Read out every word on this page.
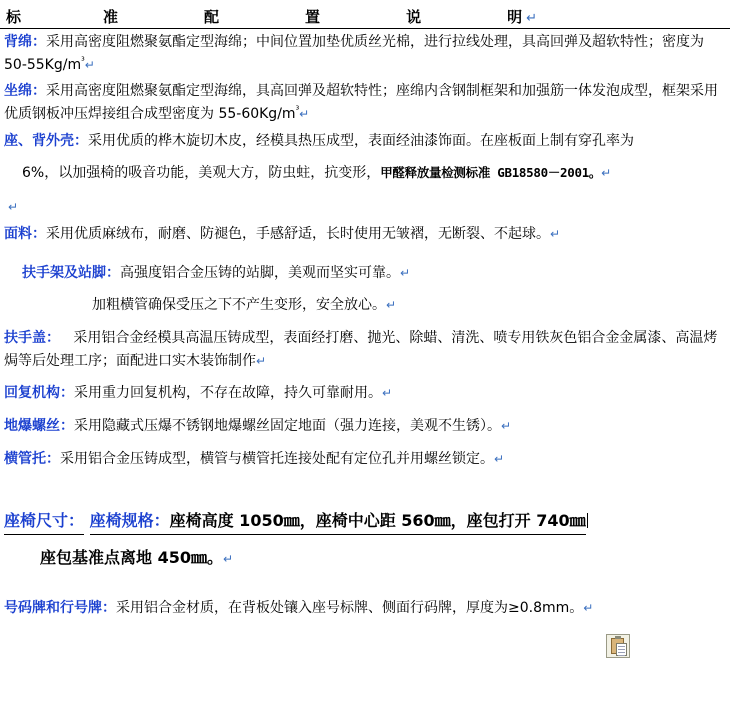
标	准	配	置	说	明 ↵

背绵：采用高密度阻燃聚氨酯定型海绵；中间位置加垫优质丝光棉，进行拉线处理，具高回弹及超软特性；密度为 $50-55Kg/m^{^3}↵$

坐绵：采用高密度阻燃聚氨酯定型海绵，具高回弹及超软特性；座绵内含钢制框架和加强筋一体发泡成型，框架采用优质钢板冲压焊接组合成型密度为 $55-60Kg/m^{^3}↵$

座、背外壳：采用优质的桦木旋切木皮，经模具热压成型，表面经油漆饰面。在座板面上制有穿孔率为

6%，以加强椅的吸音功能，美观大方，防虫蛀，抗变形，甲醛释放量检测标准 GB18580－2001。↵

↵

面料：采用优质麻绒布，耐磨、防褪色，手感舒适，长时使用无皱褶，无断裂、不起球。↵

扶手架及站脚：高强度铝合金压铸的站脚，美观而坚实可靠。↵

加粗横管确保受压之下不产生变形，安全放心。↵

扶手盖： 采用铝合金经模具高温压铸成型，表面经打磨、抛光、除蜡、清洗、喷专用铁灰色铝合金金属漆、高温烤焗等后处理工序；面配进口实木装饰制作↵

回复机构：采用重力回复机构，不存在故障，持久可靠耐用。↵

地爆螺丝：采用隐藏式压爆不锈钢地爆螺丝固定地面（强力连接，美观不生锈）。↵

横管托：采用铝合金压铸成型，横管与横管托连接处配有定位孔并用螺丝锁定。↵

座椅尺寸： 座椅规格：座椅高度 1050㎜，座椅中心距 560㎜，座包打开 740㎜

座包基准点离地 450㎜。↵

号码牌和行号牌：采用铝合金材质，在背板处镶入座号标牌、侧面行码牌，厚度为≥0.8mm。↵
